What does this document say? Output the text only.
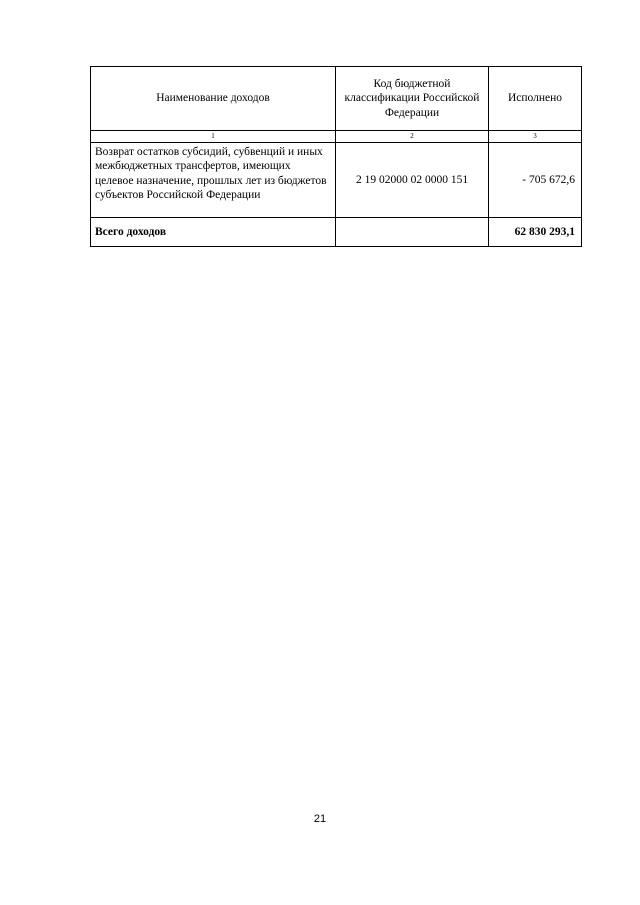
Наименование доходов	Код бюджетной классификации Российской Федерации	Исполнено
1	2	3
Возврат остатков субсидий, субвенций и иных межбюджетных трансфертов, имеющих целевое назначение, прошлых лет из бюджетов субъектов Российской Федерации	2 19 02000 02 0000 151	- 705 672,6
Всего доходов		62 830 293,1
21
